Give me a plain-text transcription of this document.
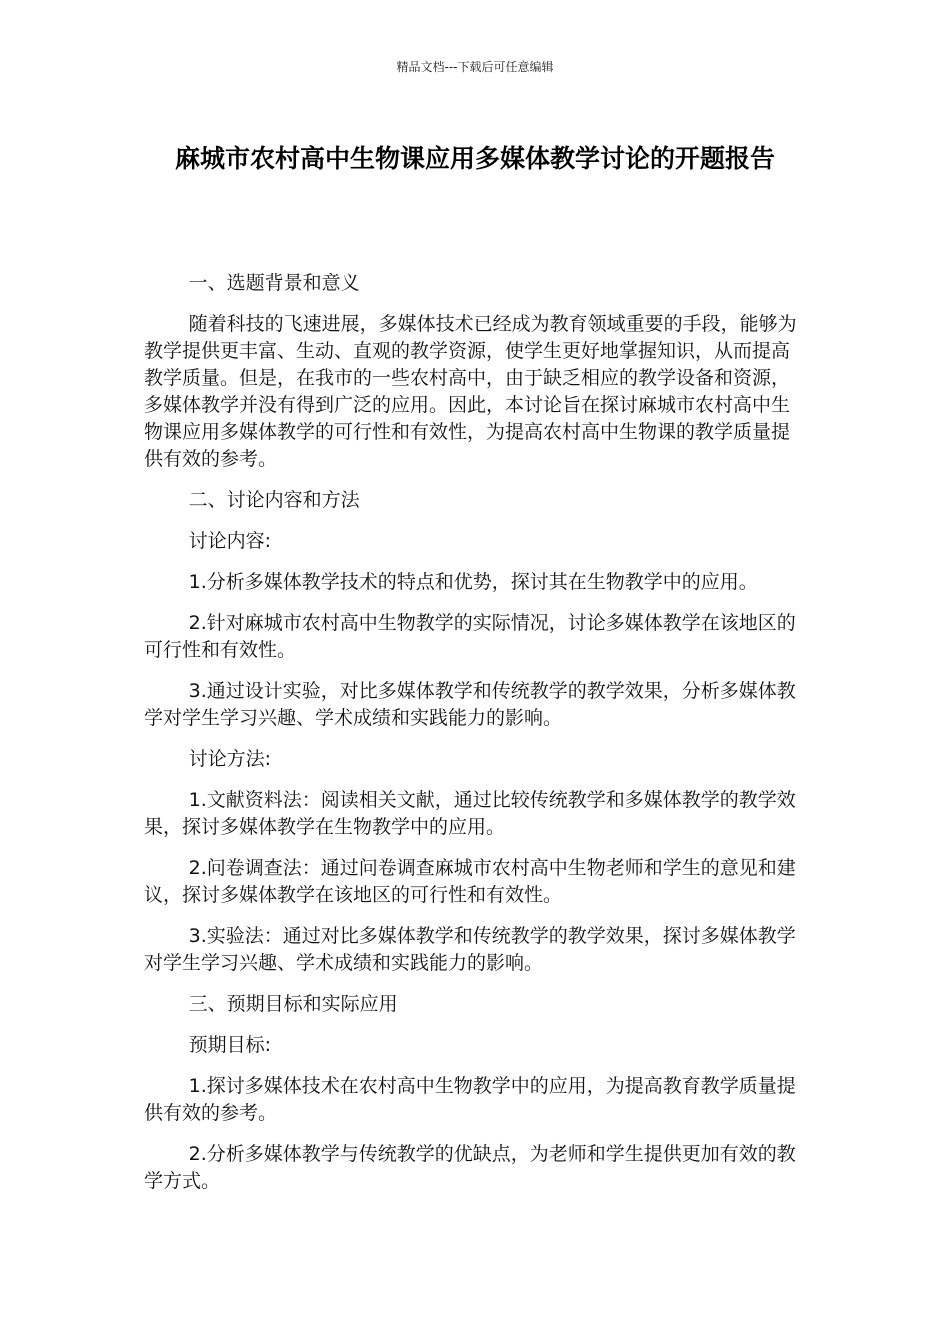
精品文档---下载后可任意编辑
麻城市农村高中生物课应用多媒体教学讨论的开题报告

一、选题背景和意义

随着科技的飞速进展，多媒体技术已经成为教育领域重要的手段，能够为教学提供更丰富、生动、直观的教学资源，使学生更好地掌握知识，从而提高教学质量。但是，在我市的一些农村高中，由于缺乏相应的教学设备和资源，多媒体教学并没有得到广泛的应用。因此，本讨论旨在探讨麻城市农村高中生物课应用多媒体教学的可行性和有效性，为提高农村高中生物课的教学质量提供有效的参考。

二、讨论内容和方法

讨论内容:

1.分析多媒体教学技术的特点和优势，探讨其在生物教学中的应用。

2.针对麻城市农村高中生物教学的实际情况，讨论多媒体教学在该地区的可行性和有效性。

3.通过设计实验，对比多媒体教学和传统教学的教学效果，分析多媒体教学对学生学习兴趣、学术成绩和实践能力的影响。

讨论方法:

1.文献资料法：阅读相关文献，通过比较传统教学和多媒体教学的教学效果，探讨多媒体教学在生物教学中的应用。

2.问卷调查法：通过问卷调查麻城市农村高中生物老师和学生的意见和建议，探讨多媒体教学在该地区的可行性和有效性。

3.实验法：通过对比多媒体教学和传统教学的教学效果，探讨多媒体教学对学生学习兴趣、学术成绩和实践能力的影响。

三、预期目标和实际应用

预期目标:

1.探讨多媒体技术在农村高中生物教学中的应用，为提高教育教学质量提供有效的参考。

2.分析多媒体教学与传统教学的优缺点，为老师和学生提供更加有效的教学方式。
